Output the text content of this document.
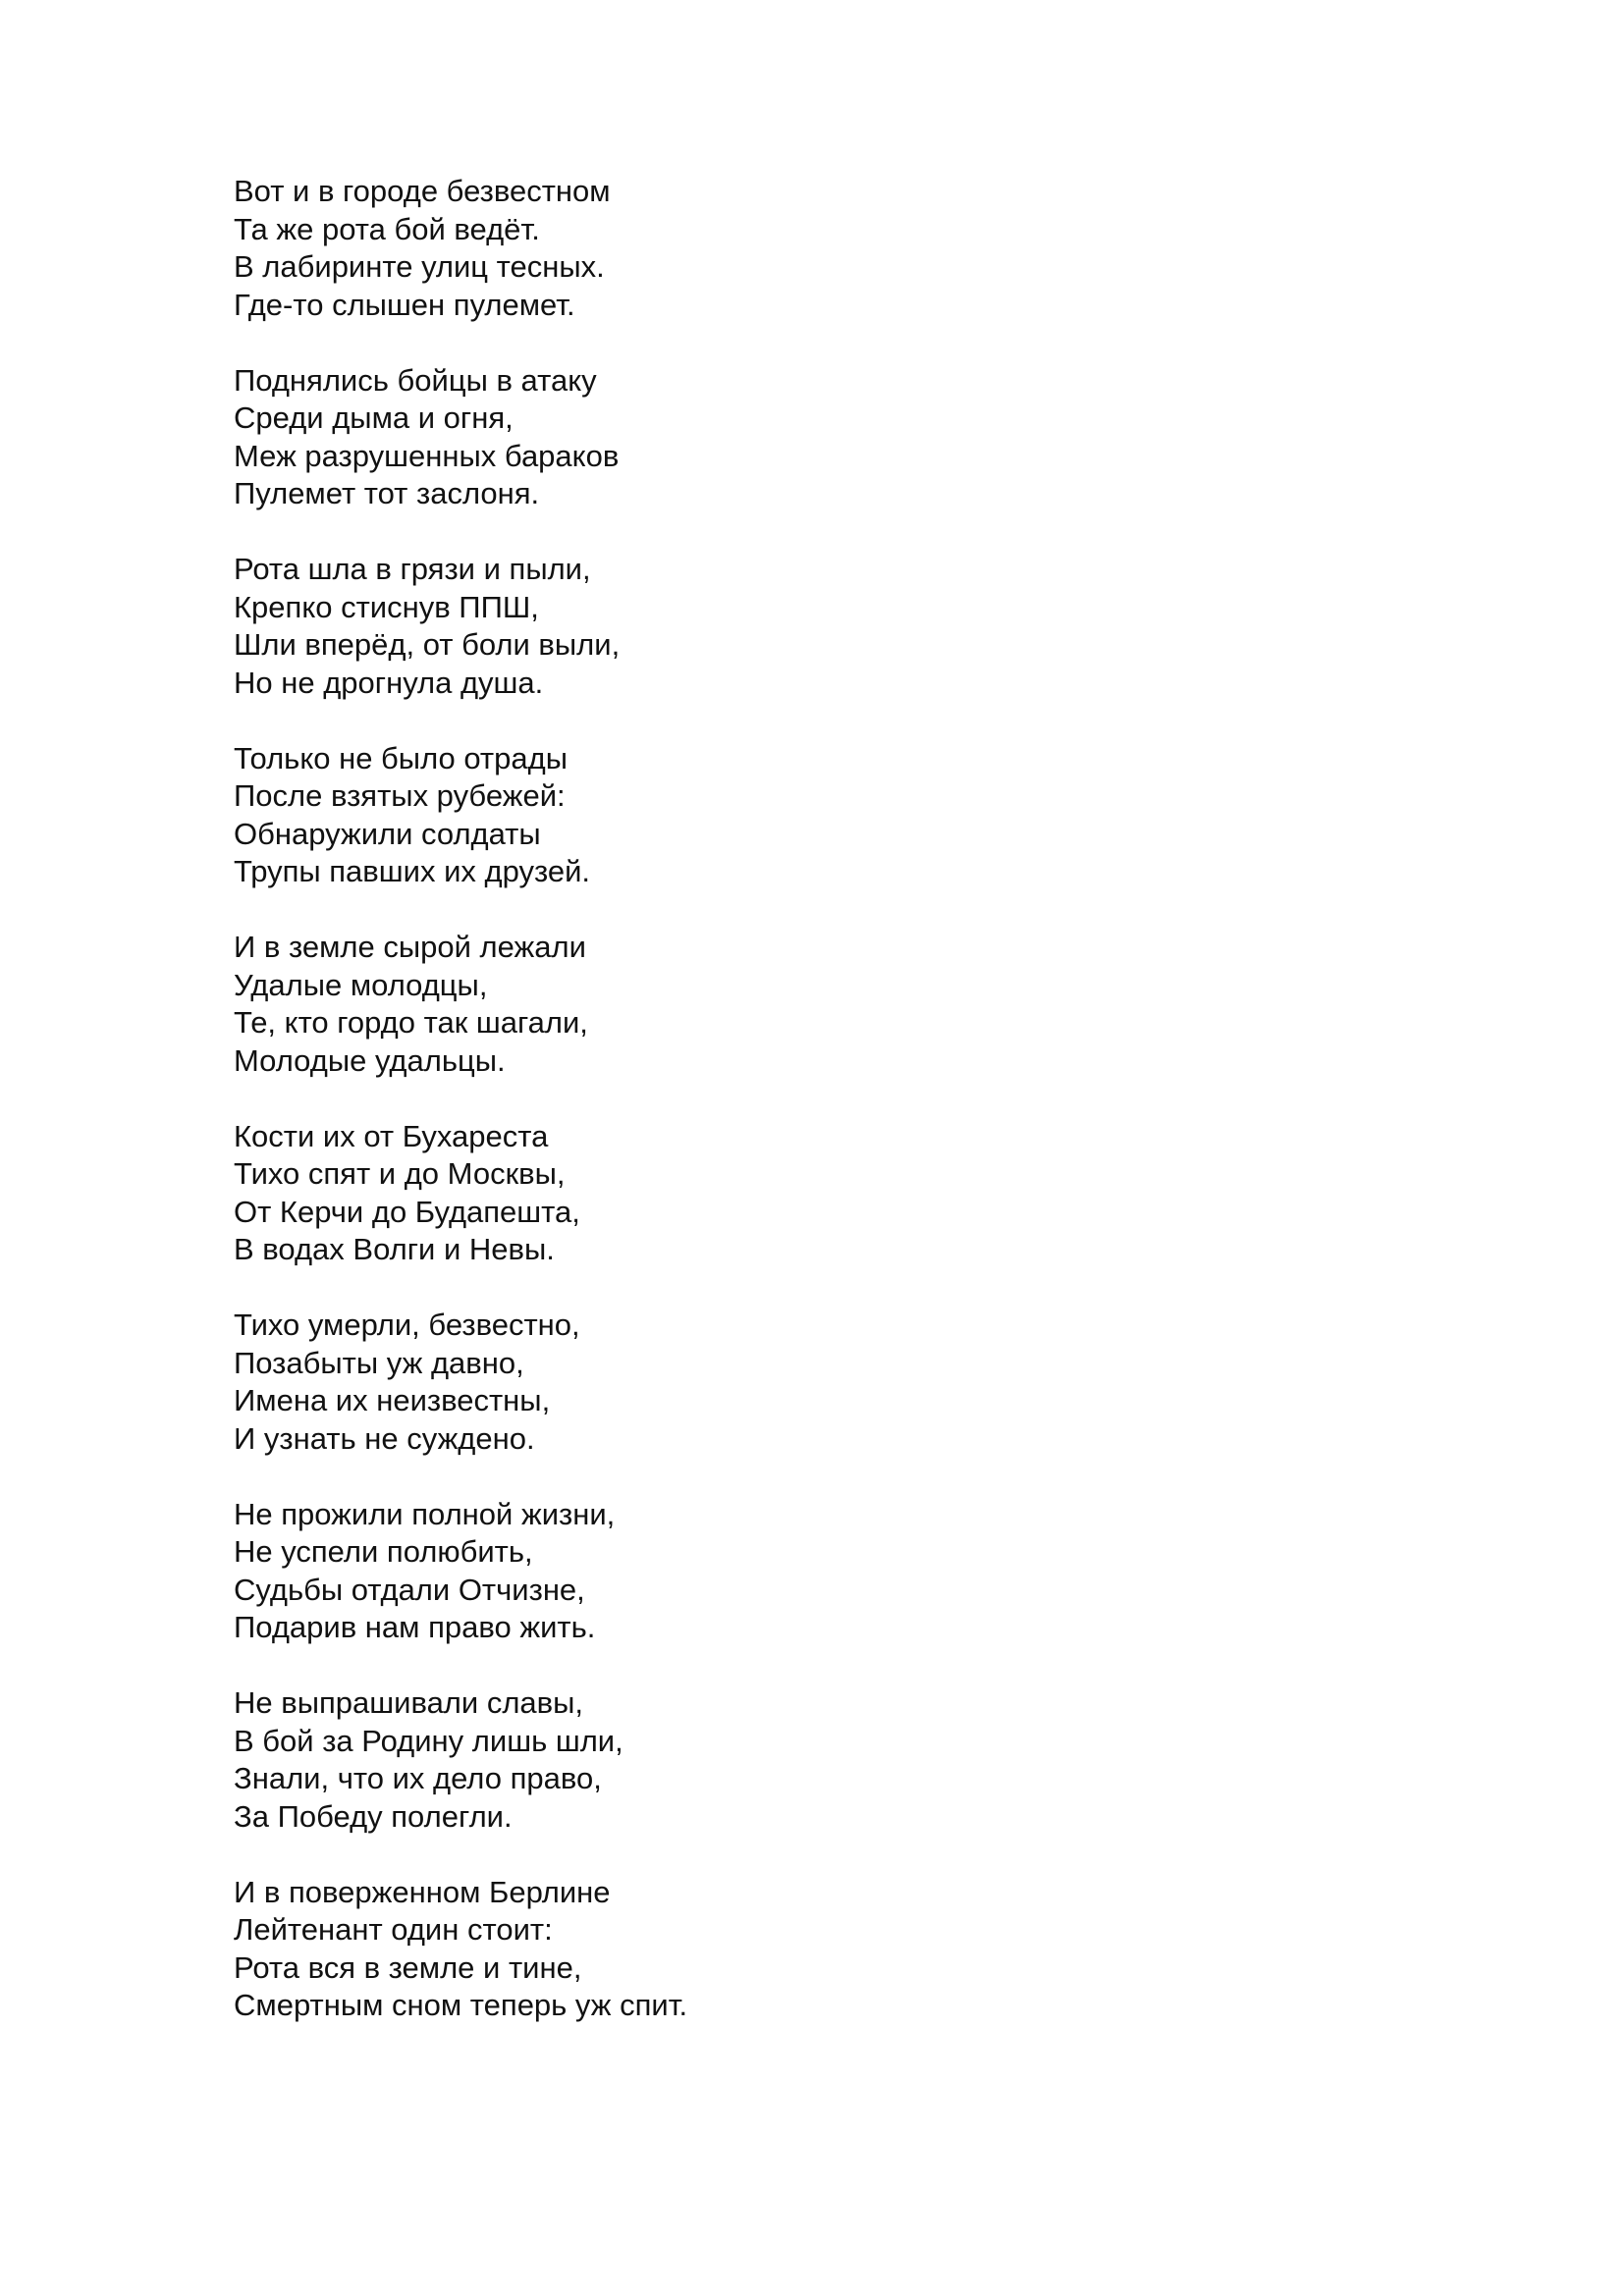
Вот и в городе безвестном
Та же рота бой ведёт.
В лабиринте улиц тесных.
Где-то слышен пулемет.
Поднялись бойцы в атаку
Среди дыма и огня,
Меж разрушенных бараков
Пулемет тот заслоня.
Рота шла в грязи и пыли,
Крепко стиснув ППШ,
Шли вперёд, от боли выли,
Но не дрогнула душа.
Только не было отрады
После взятых рубежей:
Обнаружили солдаты
Трупы павших их друзей.
И в земле сырой лежали
Удалые молодцы,
Те, кто гордо так шагали,
Молодые удальцы.
Кости их от Бухареста
Тихо спят и до Москвы,
От Керчи до Будапешта,
В водах Волги и Невы.
Тихо умерли, безвестно,
Позабыты уж давно,
Имена их неизвестны,
И узнать не суждено.
Не прожили полной жизни,
Не успели полюбить,
Судьбы отдали Отчизне,
Подарив нам право жить.
Не выпрашивали славы,
В бой за Родину лишь шли,
Знали, что их дело право,
За Победу полегли.
И в поверженном Берлине
Лейтенант один стоит:
Рота вся в земле и тине,
Смертным сном теперь уж спит.
